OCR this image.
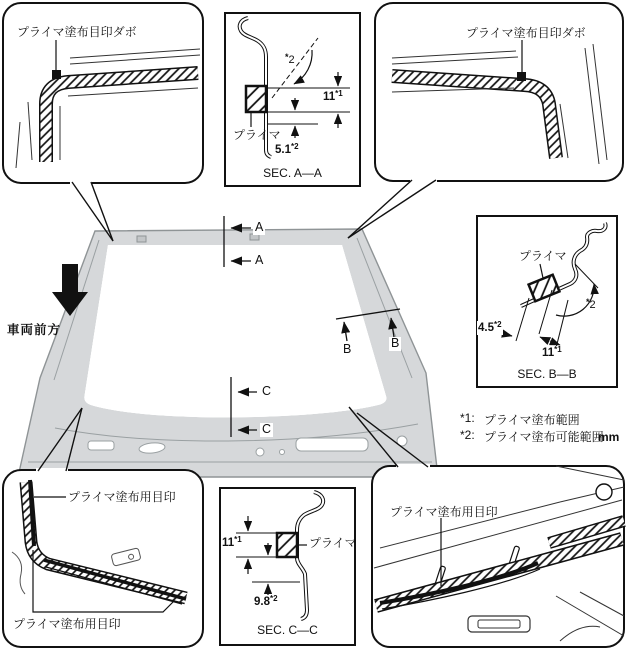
プライマ塗布目印ダボ	プライマ塗布目印ダボ
プライマ塗布用目印
プライマ塗布用目印
プライマ塗布用目印
プライマ
SEC. A—A
プライマ
SEC. B—B
プライマ
SEC. C—C
11$^{*1}$
5.1$^{*2}$
*2
4.5$^{*2}$
11$^{*1}$
*2
11$^{*1}$
9.8$^{*2}$
A
A
B	B
C
C
*1: プライマ塗布範囲
*2: プライマ塗布可能範囲
mm
車両前方
